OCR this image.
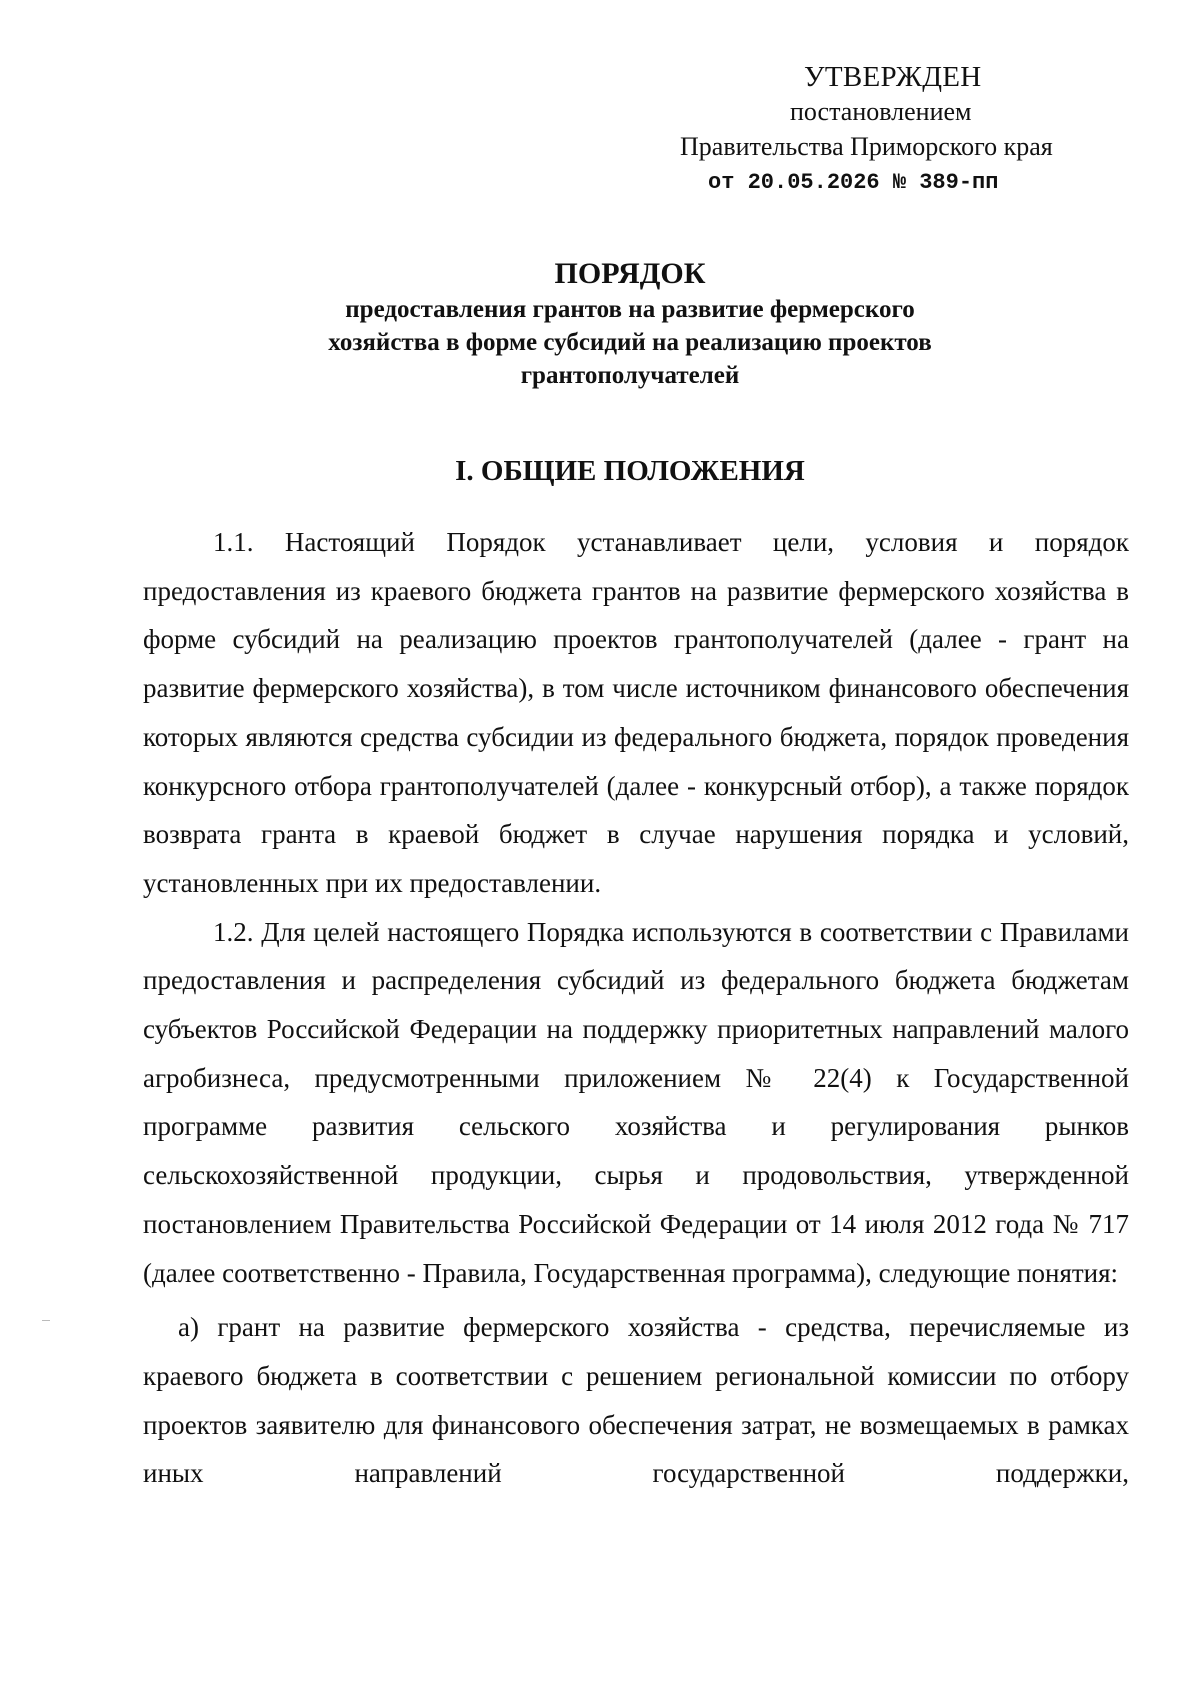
УТВЕРЖДЕН
постановлением
Правительства Приморского края
от 20.05.2026 № 389-пп
ПОРЯДОК
предоставления грантов на развитие фермерского
хозяйства в форме субсидий на реализацию проектов
грантополучателей
I. ОБЩИЕ ПОЛОЖЕНИЯ

1.1. Настоящий Порядок устанавливает цели, условия и порядок предоставления из краевого бюджета грантов на развитие фермерского хозяйства в форме субсидий на реализацию проектов грантополучателей (далее - грант на развитие фермерского хозяйства), в том числе источником финансового обеспечения которых являются средства субсидии из федерального бюджета, порядок проведения конкурсного отбора грантополучателей (далее - конкурсный отбор), а также порядок возврата гранта в краевой бюджет в случае нарушения порядка и условий, установленных при их предоставлении.

1.2. Для целей настоящего Порядка используются в соответствии с Правилами предоставления и распределения субсидий из федерального бюджета бюджетам субъектов Российской Федерации на поддержку приоритетных направлений малого агробизнеса, предусмотренными приложением № 22(4) к Государственной программе развития сельского хозяйства и регулирования рынков сельскохозяйственной продукции, сырья и продовольствия, утвержденной постановлением Правительства Российской Федерации от 14 июля 2012 года № 717 (далее соответственно - Правила, Государственная программа), следующие понятия:

а) грант на развитие фермерского хозяйства - средства, перечисляемые из краевого бюджета в соответствии с решением региональной комиссии по отбору проектов заявителю для финансового обеспечения затрат, не возмещаемых в рамках иных направлений государственной поддержки,
